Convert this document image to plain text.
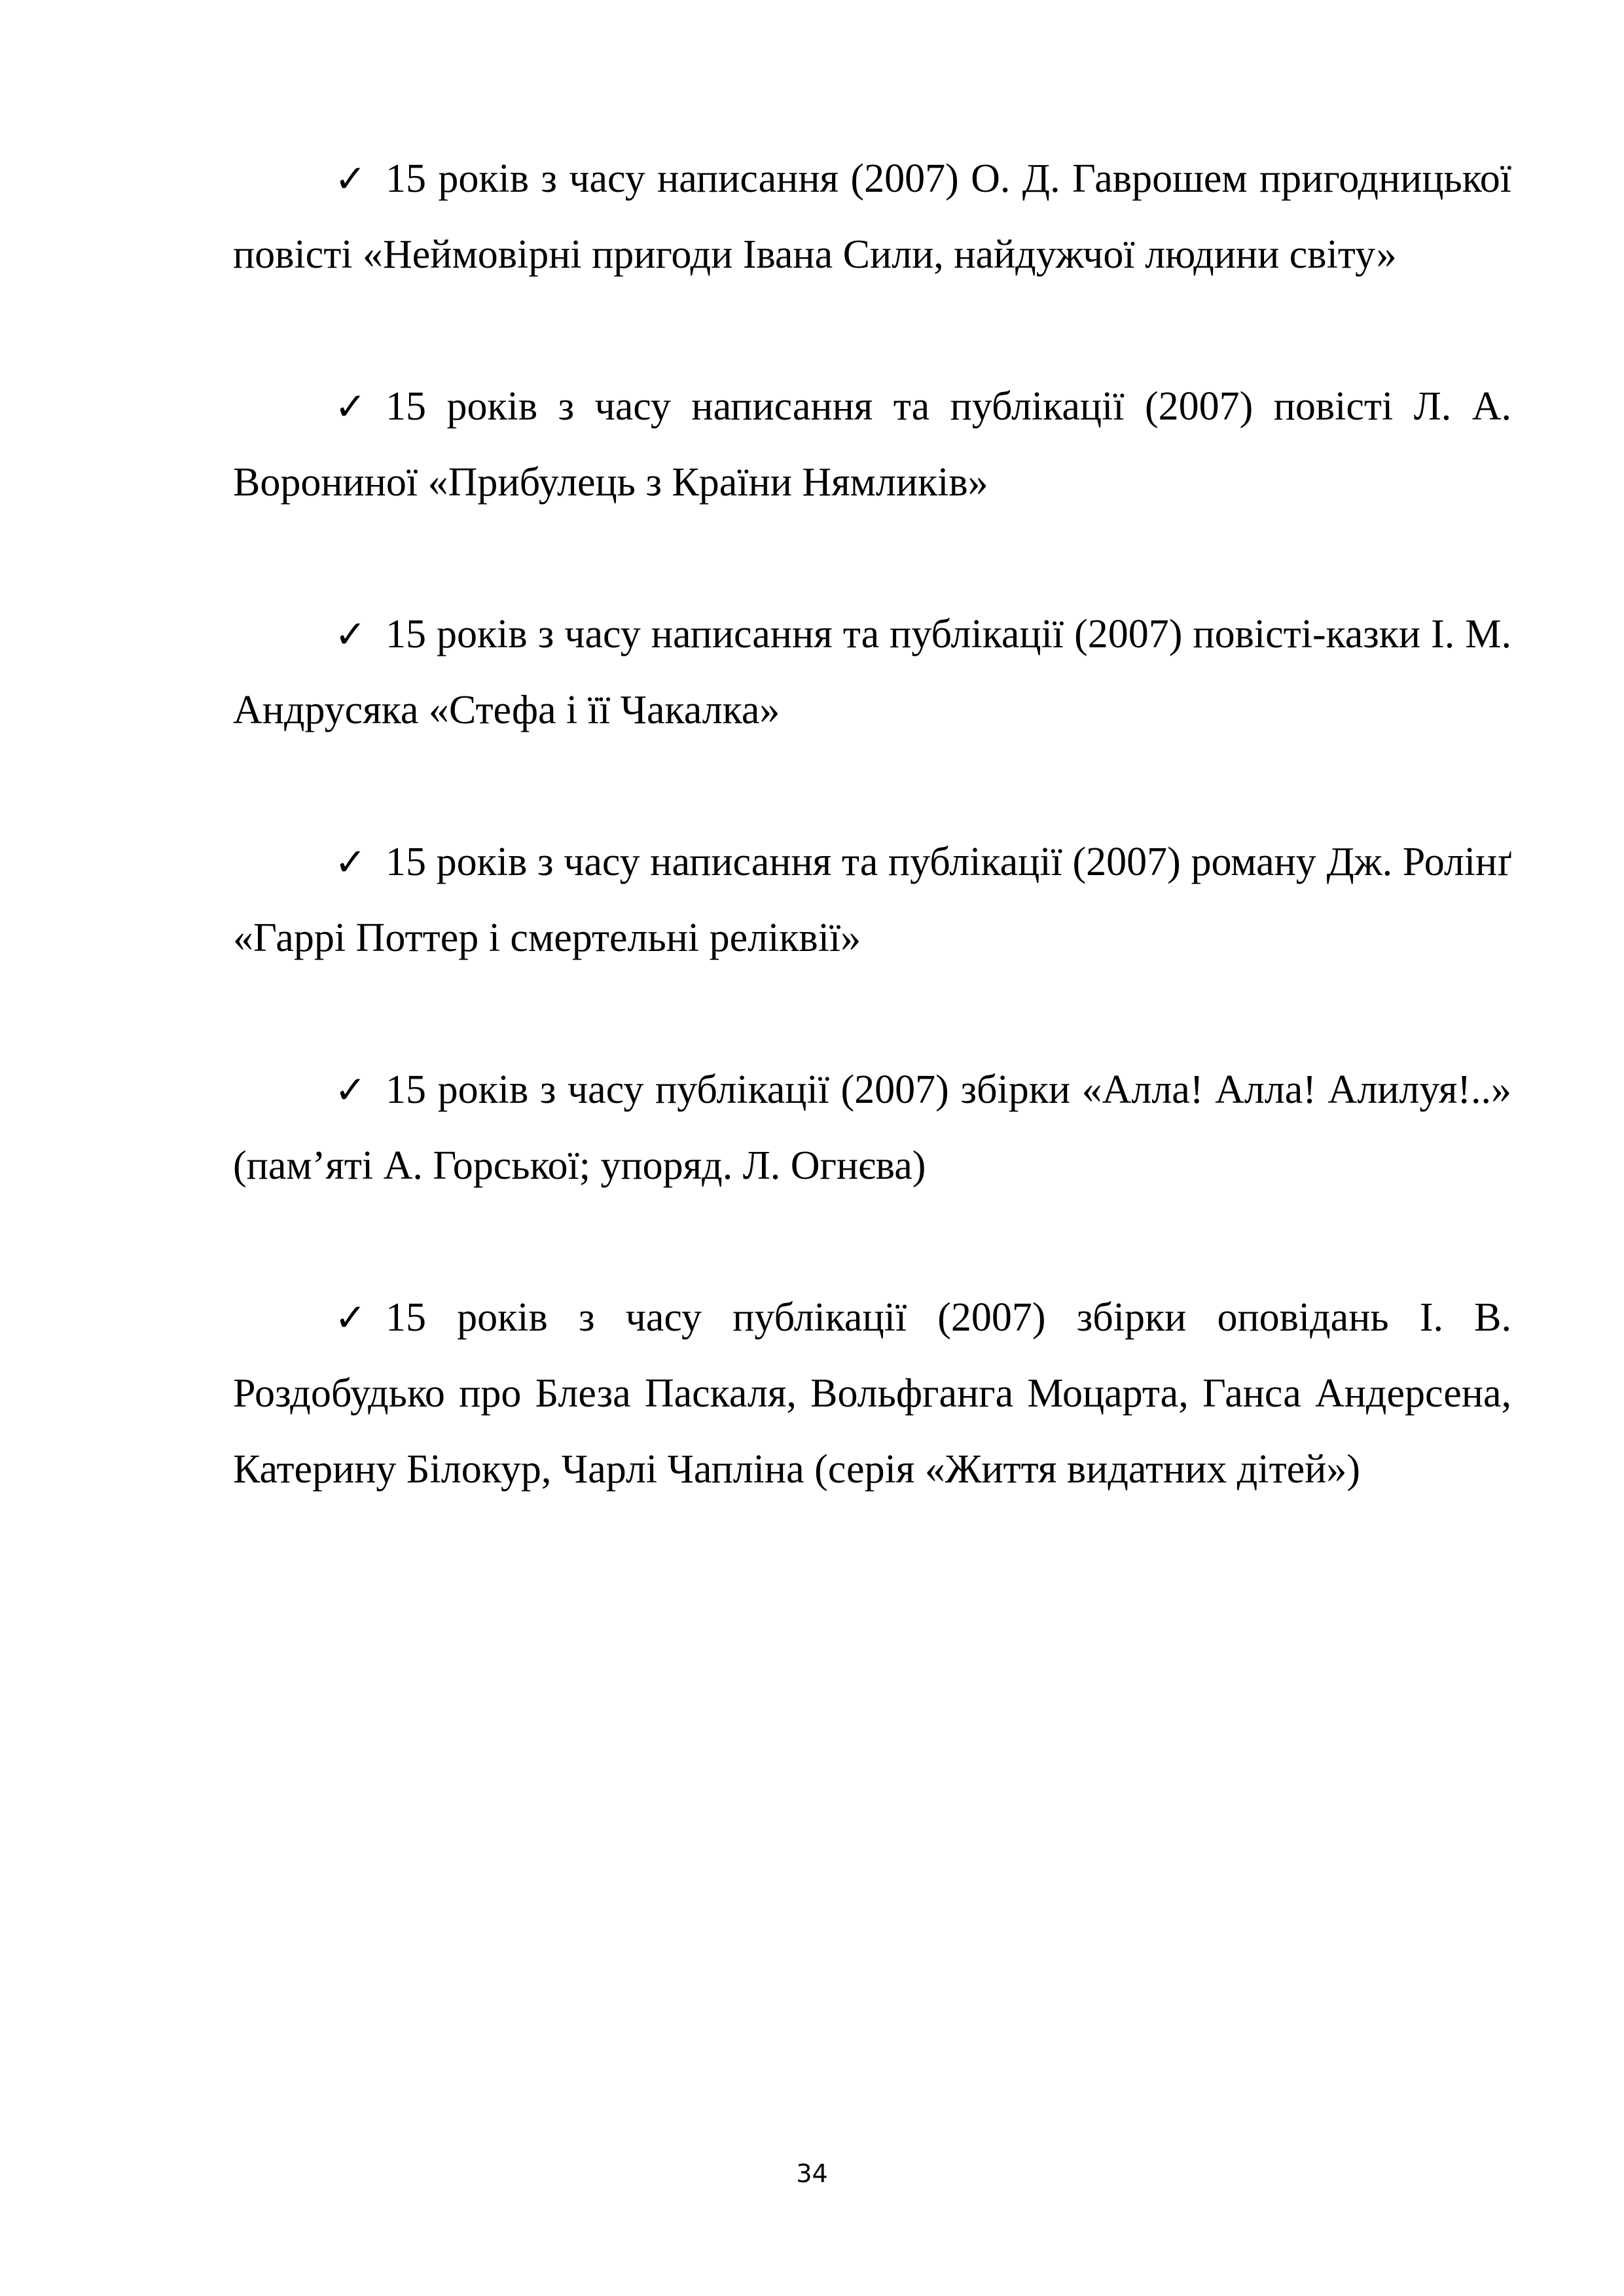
✓ 15 років з часу написання (2007) О. Д. Гаврошем пригодницької повісті «Неймовірні пригоди Івана Сили, найдужчої людини світу»

✓ 15 років з часу написання та публікації (2007) повісті Л. А. Ворониної «Прибулець з Країни Нямликів»

✓ 15 років з часу написання та публікації (2007) повісті-казки І. М. Андрусяка «Стефа і її Чакалка»

✓ 15 років з часу написання та публікації (2007) роману Дж. Ролінґ «Гаррі Поттер і смертельні реліквії»

✓ 15 років з часу публікації (2007) збірки «Алла! Алла! Алилуя!..» (пам’яті А. Горської; упоряд. Л. Огнєва)

✓ 15 років з часу публікації (2007) збірки оповідань І. В. Роздобудько про Блеза Паскаля, Вольфганга Моцарта, Ганса Андерсена, Катерину Білокур, Чарлі Чапліна (серія «Життя видатних дітей»)

34
